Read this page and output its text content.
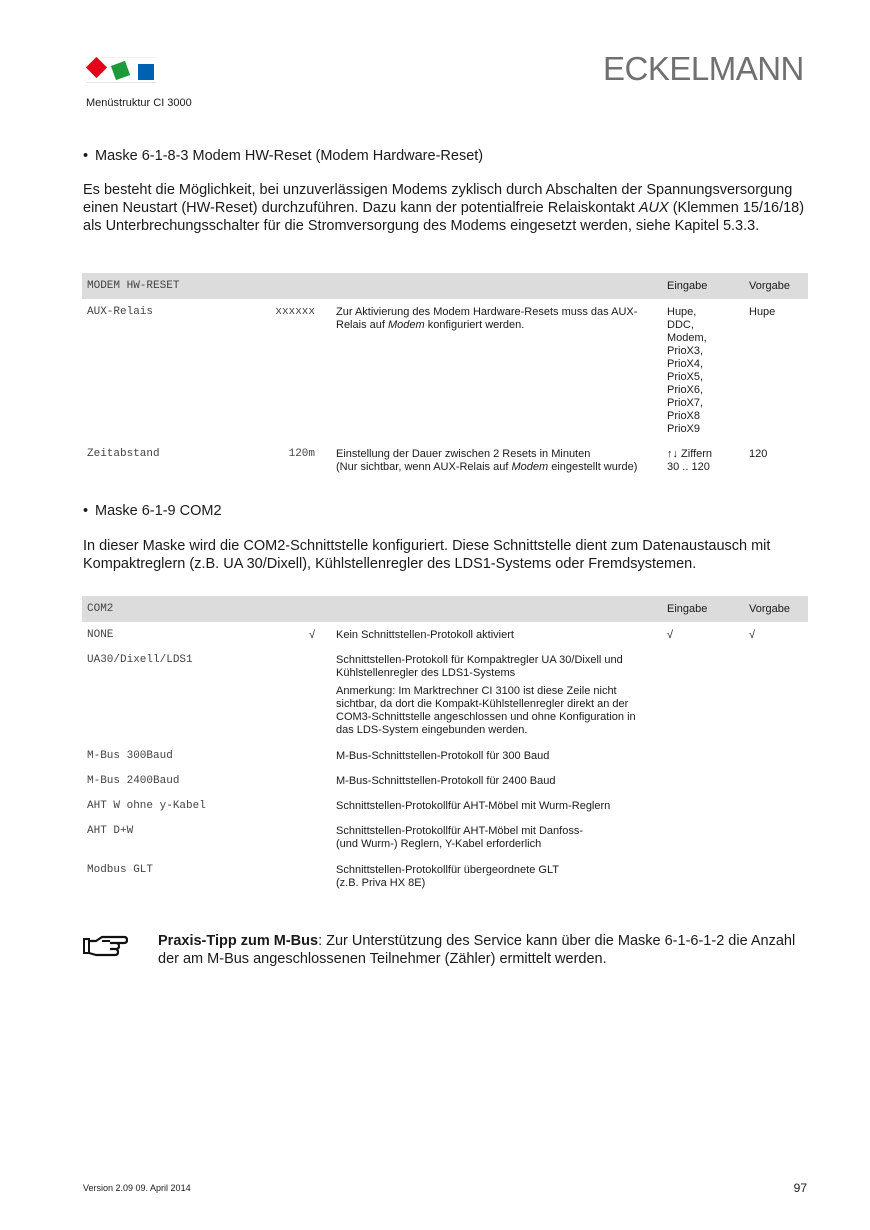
ECKELMANN
Menüstruktur CI 3000
• Maske 6-1-8-3 Modem HW-Reset (Modem Hardware-Reset)
Es besteht die Möglichkeit, bei unzuverlässigen Modems zyklisch durch Abschalten der Spannungsversorgung einen Neustart (HW-Reset) durchzuführen. Dazu kann der potentialfreie Relaiskontakt AUX (Klemmen 15/16/18) als Unterbrechungsschalter für die Stromversorgung des Modems eingesetzt werden, siehe Kapitel 5.3.3.
MODEM HW-RESET	Eingabe	Vorgabe
AUX-Relais	xxxxxx Zur Aktivierung des Modem Hardware-Resets muss das AUX-Relais auf Modem konfiguriert werden.
Hupe,
DDC,
Modem,
PrioX3,
PrioX4,
PrioX5,
PrioX6,
PrioX7,
PrioX8
PrioX9
Hupe
Zeitabstand	120m Einstellung der Dauer zwischen 2 Resets in Minuten
(Nur sichtbar, wenn AUX-Relais auf Modem eingestellt wurde)
↑↓ Ziffern
30 .. 120
120
• Maske 6-1-9 COM2
In dieser Maske wird die COM2-Schnittstelle konfiguriert. Diese Schnittstelle dient zum Datenaustausch mit Kompaktreglern (z.B. UA 30/Dixell), Kühlstellenregler des LDS1-Systems oder Fremdsystemen.
COM2	Eingabe	Vorgabe
NONE	√ Kein Schnittstellen-Protokoll aktiviert	√	√
UA30/Dixell/LDS1	Schnittstellen-Protokoll für Kompaktregler UA 30/Dixell und Kühlstellenregler des LDS1-Systems
Anmerkung: Im Marktrechner CI 3100 ist diese Zeile nicht sichtbar, da dort die Kompakt-Kühlstellenregler direkt an der COM3-Schnittstelle angeschlossen und ohne Konfiguration in das LDS-System eingebunden werden.
M-Bus 300Baud	M-Bus-Schnittstellen-Protokoll für 300 Baud
M-Bus 2400Baud	M-Bus-Schnittstellen-Protokoll für 2400 Baud
AHT W ohne y-Kabel	Schnittstellen-Protokollfür AHT-Möbel mit Wurm-Reglern
AHT D+W	Schnittstellen-Protokollfür AHT-Möbel mit Danfoss-
(und Wurm-) Reglern, Y-Kabel erforderlich
Modbus GLT	Schnittstellen-Protokollfür übergeordnete GLT
(z.B. Priva HX 8E)
Praxis-Tipp zum M-Bus: Zur Unterstützung des Service kann über die Maske 6-1-6-1-2 die Anzahl der am M-Bus angeschlossenen Teilnehmer (Zähler) ermittelt werden.
Version 2.09 09. April 2014	97
